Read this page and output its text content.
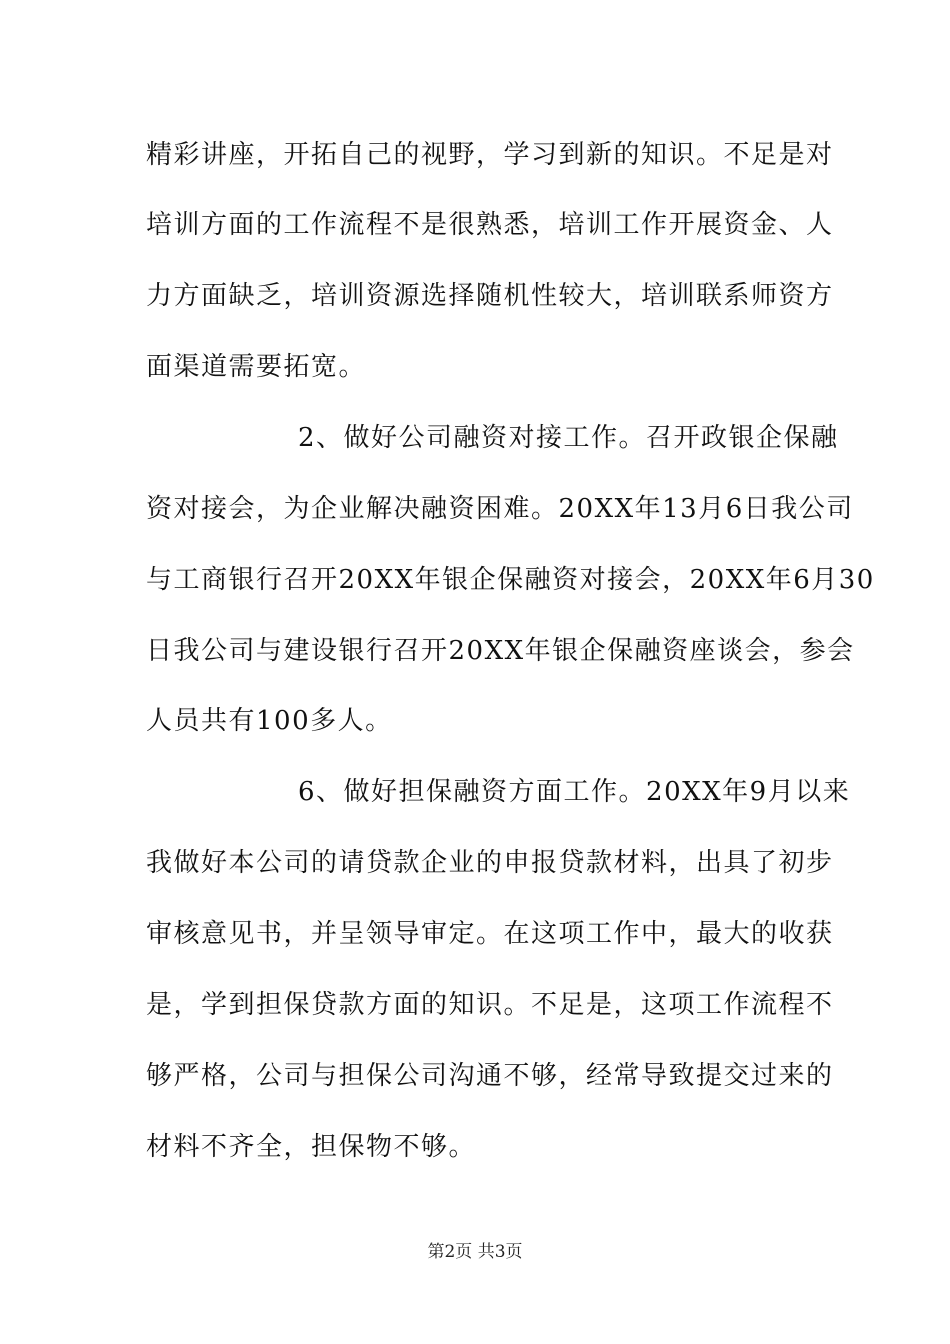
精彩讲座，开拓自己的视野，学习到新的知识。不足是对
培训方面的工作流程不是很熟悉，培训工作开展资金、人
力方面缺乏，培训资源选择随机性较大，培训联系师资方
面渠道需要拓宽。
2、做好公司融资对接工作。召开政银企保融
资对接会，为企业解决融资困难。20XX年13月6日我公司
与工商银行召开20XX年银企保融资对接会，20XX年6月30
日我公司与建设银行召开20XX年银企保融资座谈会，参会
人员共有100多人。
6、做好担保融资方面工作。20XX年9月以来
我做好本公司的请贷款企业的申报贷款材料，出具了初步
审核意见书，并呈领导审定。在这项工作中，最大的收获
是，学到担保贷款方面的知识。不足是，这项工作流程不
够严格，公司与担保公司沟通不够，经常导致提交过来的
材料不齐全，担保物不够。
第2页 共3页
